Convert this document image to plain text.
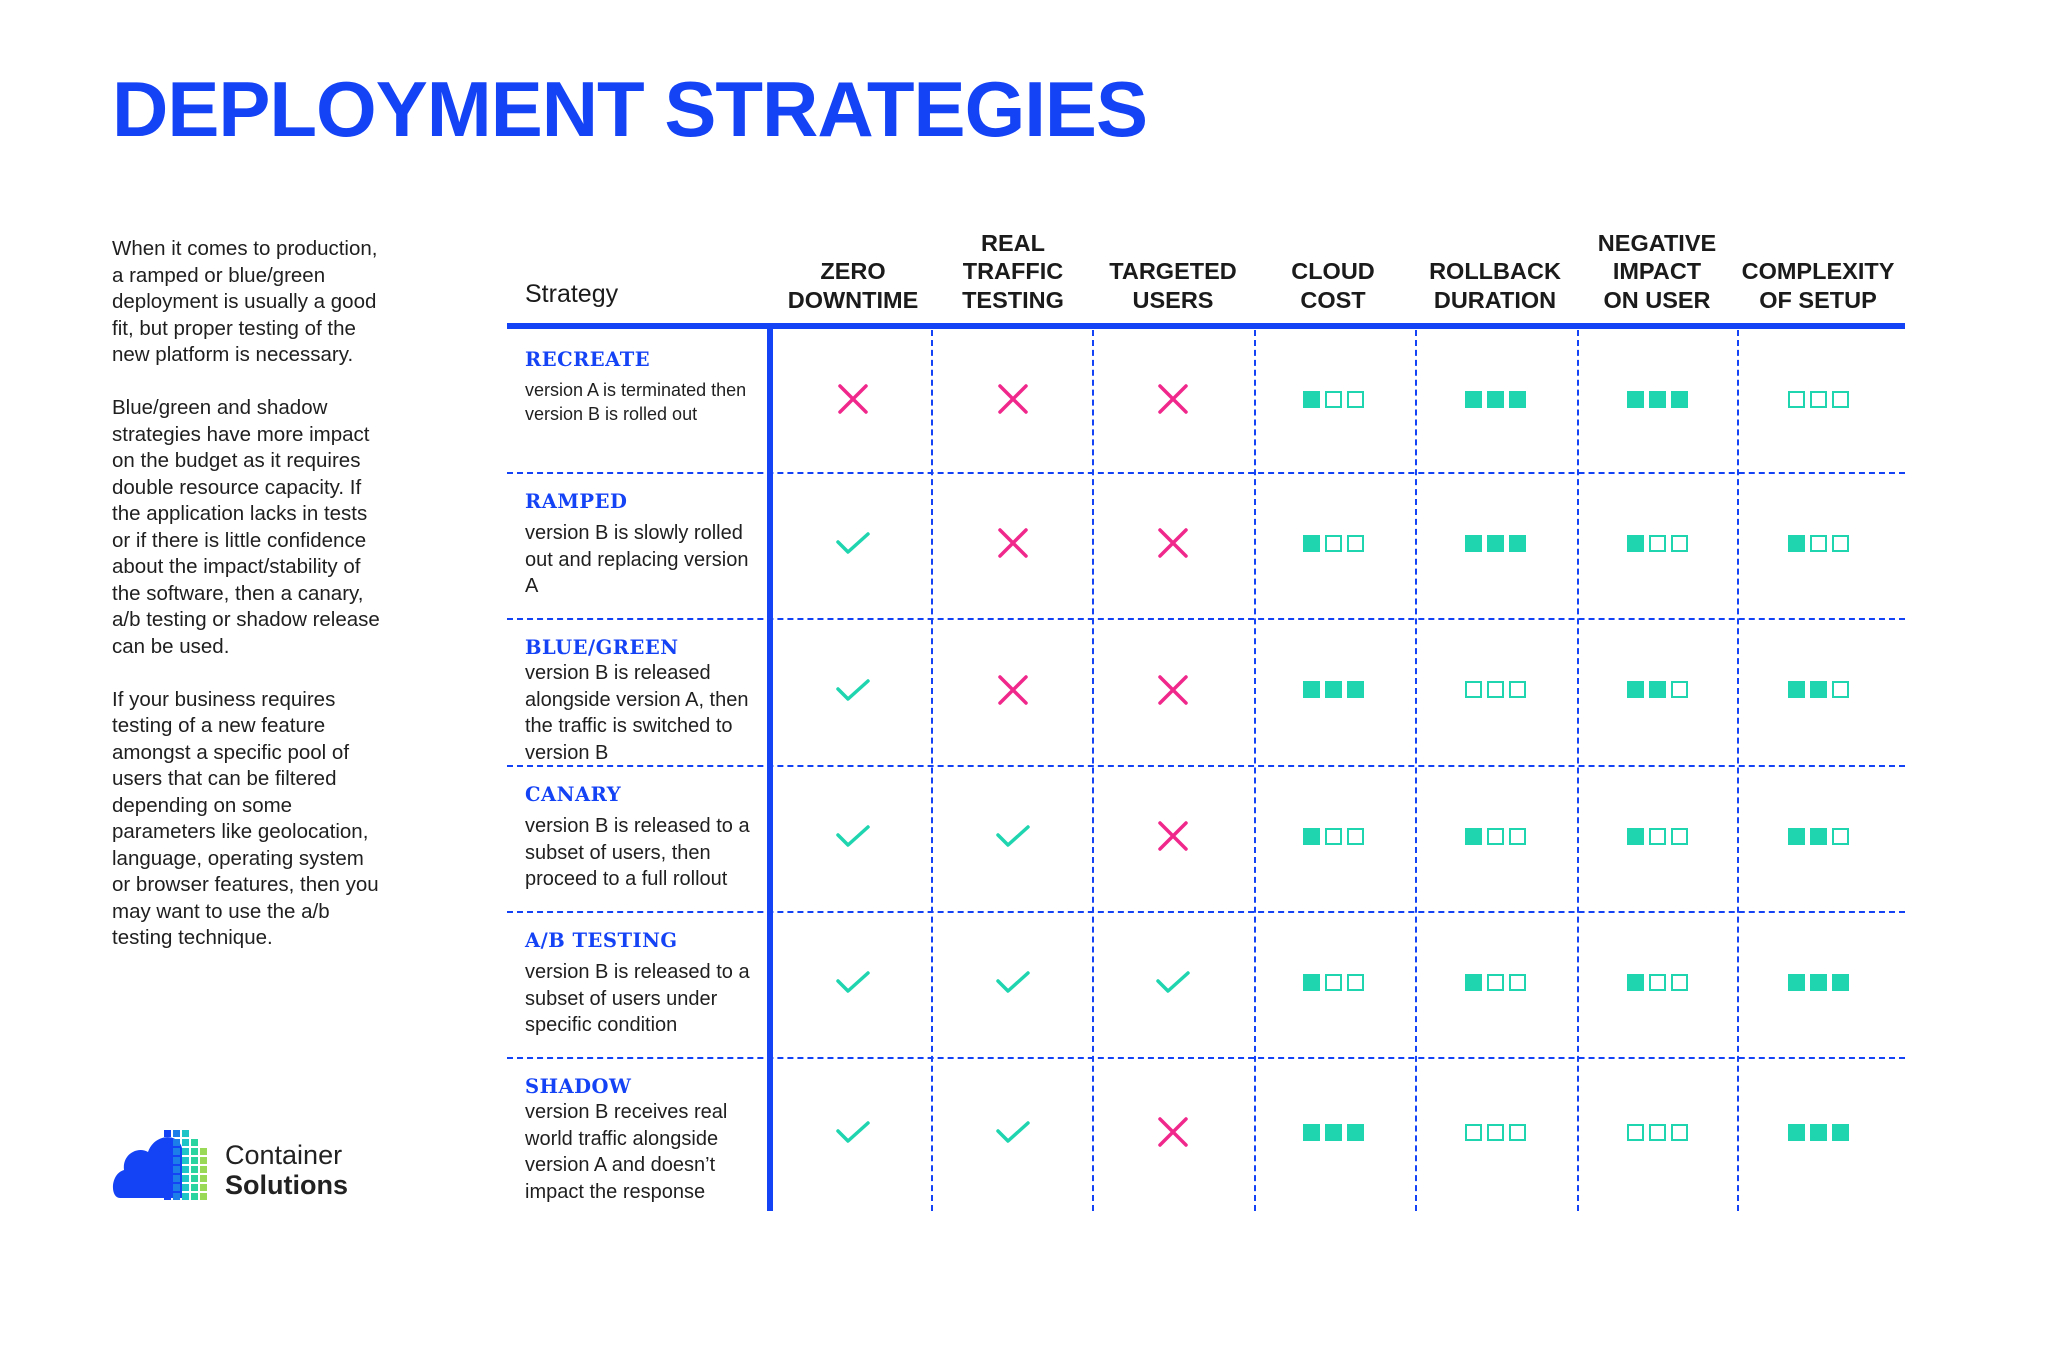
DEPLOYMENT STRATEGIES

When it comes to production, a ramped or blue/green deployment is usually a good fit, but proper testing of the new platform is necessary.

Blue/green and shadow strategies have more impact on the budget as it requires double resource capacity. If the application lacks in tests or if there is little confidence about the impact/stability of the software, then a canary, a/b testing or shadow release can be used.

If your business requires testing of a new feature amongst a specific pool of users that can be filtered depending on some parameters like geolocation, language, operating system or browser features, then you may want to use the a/b testing technique.

Container
Solutions
Strategy
ZERO
DOWNTIME
REAL
TRAFFIC
TESTING
TARGETED
USERS
CLOUD
COST
ROLLBACK
DURATION
NEGATIVE
IMPACT
ON USER
COMPLEXITY
OF SETUP
RECREATE
version A is terminated then version B is rolled out
RAMPED
version B is slowly rolled out and replacing version A
BLUE/GREEN
version B is released alongside version A, then the traffic is switched to version B
CANARY
version B is released to a subset of users, then proceed to a full rollout
A/B TESTING
version B is released to a subset of users under specific condition
SHADOW
version B receives real world traffic alongside version A and doesn’t impact the response
